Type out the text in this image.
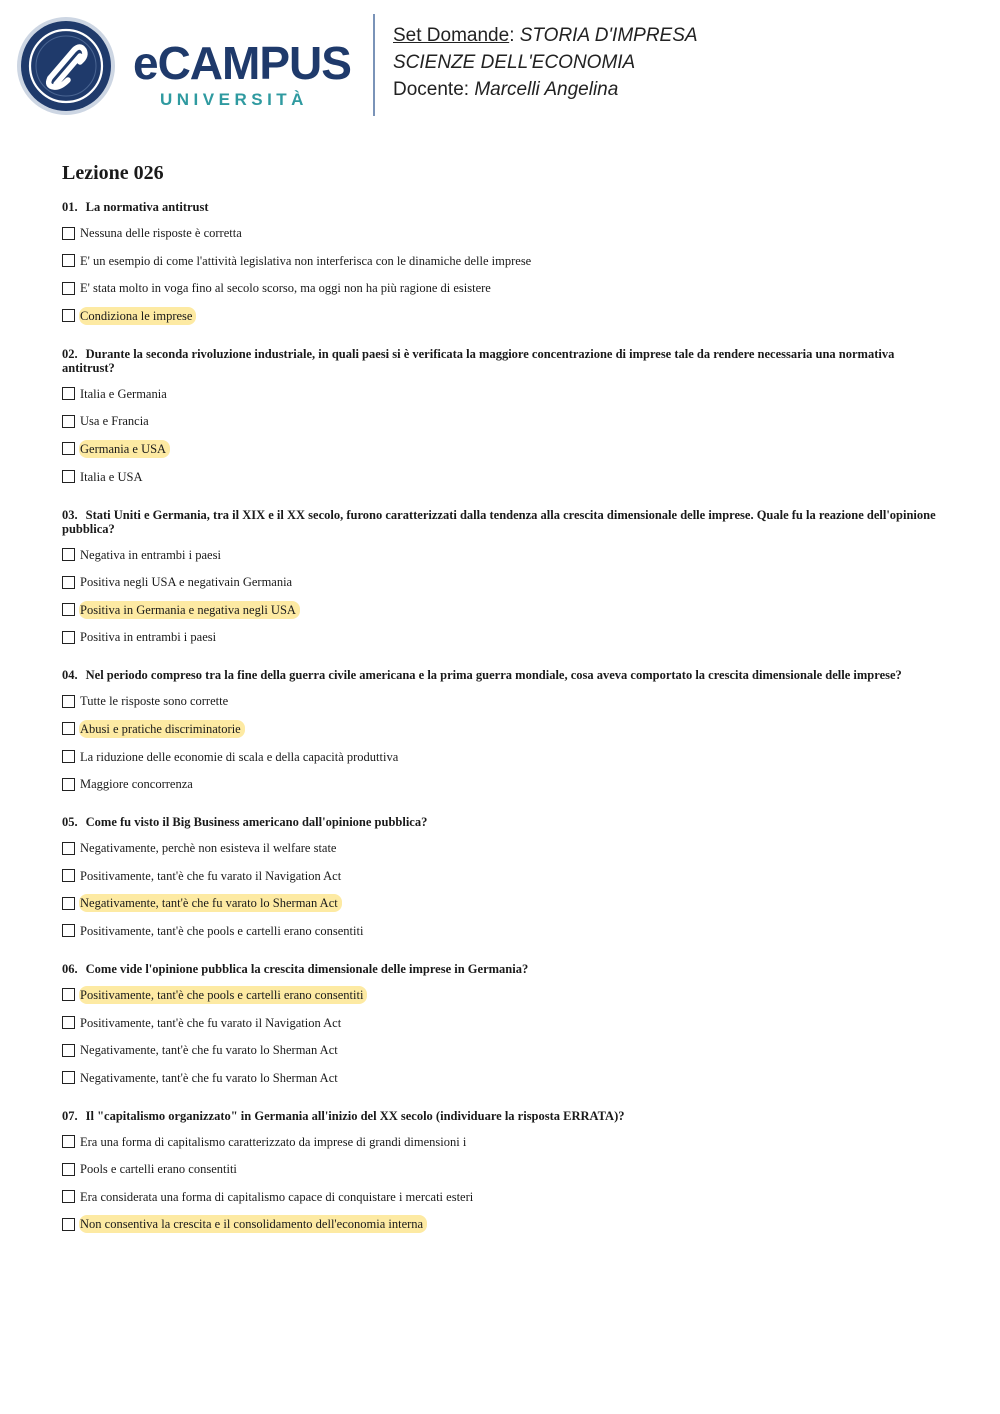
eCAMPUS
UNIVERSITÀ
Set Domande: STORIA D'IMPRESA
SCIENZE DELL'ECONOMIA
Docente: Marcelli Angelina
Lezione 026
01. La normativa antitrust
Nessuna delle risposte è corretta
E' un esempio di come l'attività legislativa non interferisca con le dinamiche delle imprese
E' stata molto in voga fino al secolo scorso, ma oggi non ha più ragione di esistere
Condiziona le imprese
02. Durante la seconda rivoluzione industriale, in quali paesi si è verificata la maggiore concentrazione di imprese tale da rendere necessaria una normativa antitrust?
Italia e Germania
Usa e Francia
Germania e USA
Italia e USA
03. Stati Uniti e Germania, tra il XIX e il XX secolo, furono caratterizzati dalla tendenza alla crescita dimensionale delle imprese. Quale fu la reazione dell'opinione pubblica?
Negativa in entrambi i paesi
Positiva negli USA e negativain Germania
Positiva in Germania e negativa negli USA
Positiva in entrambi i paesi
04. Nel periodo compreso tra la fine della guerra civile americana e la prima guerra mondiale, cosa aveva comportato la crescita dimensionale delle imprese?
Tutte le risposte sono corrette
Abusi e pratiche discriminatorie
La riduzione delle economie di scala e della capacità produttiva
Maggiore concorrenza
05. Come fu visto il Big Business americano dall'opinione pubblica?
Negativamente, perchè non esisteva il welfare state
Positivamente, tant'è che fu varato il Navigation Act
Negativamente, tant'è che fu varato lo Sherman Act
Positivamente, tant'è che pools e cartelli erano consentiti
06. Come vide l'opinione pubblica la crescita dimensionale delle imprese in Germania?
Positivamente, tant'è che pools e cartelli erano consentiti
Positivamente, tant'è che fu varato il Navigation Act
Negativamente, tant'è che fu varato lo Sherman Act
Negativamente, tant'è che fu varato lo Sherman Act
07. Il "capitalismo organizzato" in Germania all'inizio del XX secolo (individuare la risposta ERRATA)?
Era una forma di capitalismo caratterizzato da imprese di grandi dimensioni i
Pools e cartelli erano consentiti
Era considerata una forma di capitalismo capace di conquistare i mercati esteri
Non consentiva la crescita e il consolidamento dell'economia interna
